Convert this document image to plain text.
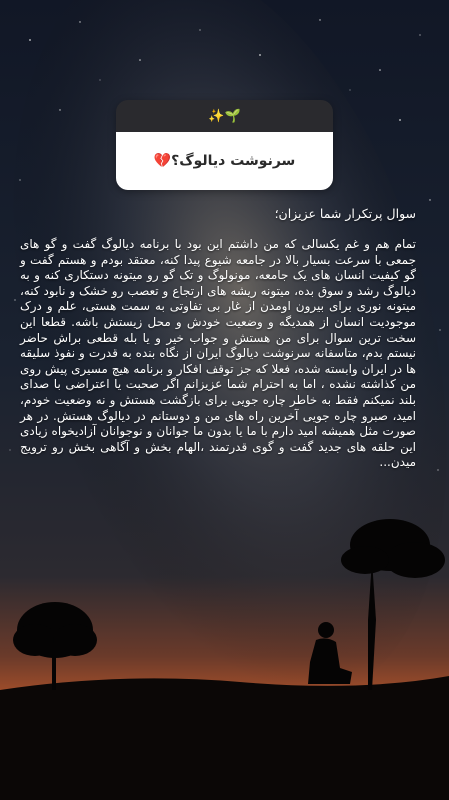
✨🌱
سرنوشت دیالوگ؟💔

سوال پرتکرار شما عزیزان؛

تمام هم و غم یکسالی که من داشتم این بود با برنامه دیالوگ گفت و گو های جمعی با سرعت بسیار بالا در جامعه شیوع پیدا کنه، معتقد بودم و هستم گفت و گو کیفیت انسان های یک جامعه، مونولوگ و تک گو رو میتونه دستکاری کنه و به دیالوگ رشد و سوق بده، میتونه ریشه های ارتجاع و تعصب رو خشک و نابود کنه، میتونه نوری برای بیرون اومدن از غار بی تفاوتی به سمت هستی، علم و درک موجودیت انسان از همدیگه و وضعیت خودش و محل زیستش باشه. قطعا این سخت ترین سوال برای من هستش و جواب خیر و یا بله قطعی براش حاضر نیستم بدم، متاسفانه سرنوشت دیالوگ ایران از نگاه بنده به قدرت و نفوذ سلیقه ها در ایران وابسته شده، فعلا که جز توقف افکار و برنامه هیچ مسیری پیش روی من کذاشته نشده ، اما به احترام شما عزیزانم اگر صحبت یا اعتراضی با صدای بلند نمیکنم فقط به خاطر چاره جویی برای بازگشت هستش و نه وضعیت خودم، امید، صبرو چاره جویی آخرین راه های من و دوستانم در دیالوگ هستش. در هر صورت مثل همیشه امید دارم با ما یا بدون ما جوانان و نوجوانان آزادیخواه زیادی این حلقه های جدید گفت و گوی قدرتمند ،الهام بخش و آگاهی بخش رو ترویج میدن...
